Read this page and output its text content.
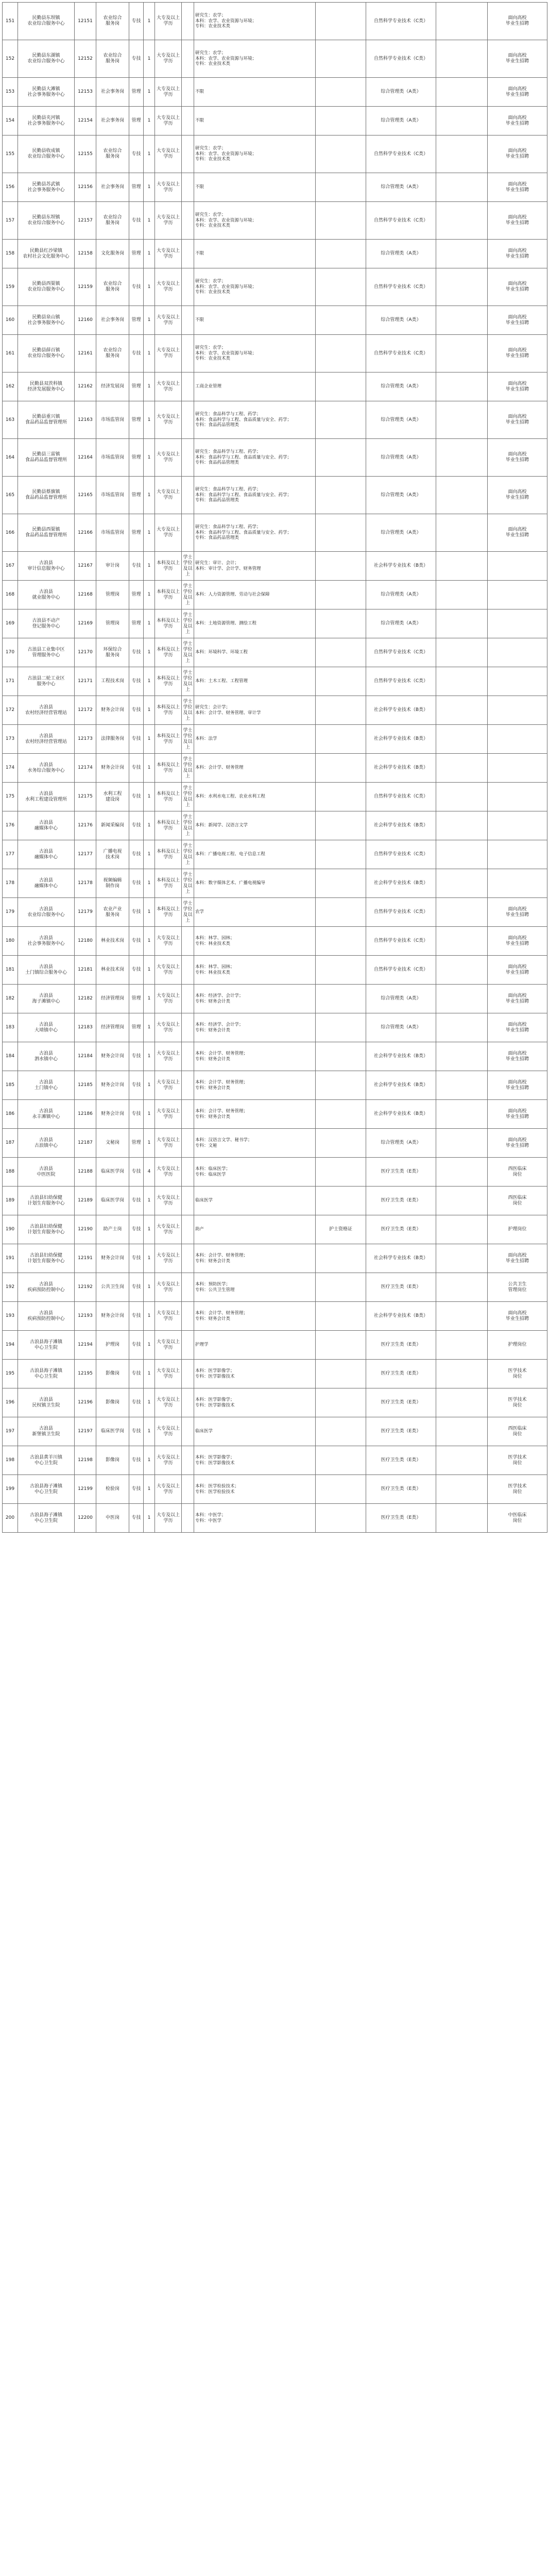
151	民勤县东坝镇
农业综合服务中心	12151	农业综合
服务岗	专技	1	大专及以上学历		研究生：农学；
本科：农学、农业资源与环境；
专科：农业技术类		自然科学专业技术（C类）		面向高校
毕业生招聘
152	民勤县东湖镇
农业综合服务中心	12152	农业综合
服务岗	专技	1	大专及以上学历		研究生：农学；
本科：农学、农业资源与环境；
专科：农业技术类		自然科学专业技术（C类）		面向高校
毕业生招聘
153	民勤县大滩镇
社会事务服务中心	12153	社会事务岗	管理	1	大专及以上学历		不限		综合管理类（A类）		面向高校
毕业生招聘
154	民勤县夹河镇
社会事务服务中心	12154	社会事务岗	管理	1	大专及以上学历		不限		综合管理类（A类）		面向高校
毕业生招聘
155	民勤县收成镇
农业综合服务中心	12155	农业综合
服务岗	专技	1	大专及以上学历		研究生：农学；
本科：农学、农业资源与环境；
专科：农业技术类		自然科学专业技术（C类）		面向高校
毕业生招聘
156	民勤县苏武镇
社会事务服务中心	12156	社会事务岗	管理	1	大专及以上学历		不限		综合管理类（A类）		面向高校
毕业生招聘
157	民勤县东坝镇
农业综合服务中心	12157	农业综合
服务岗	专技	1	大专及以上学历		研究生：农学；
本科：农学、农业资源与环境；
专科：农业技术类		自然科学专业技术（C类）		面向高校
毕业生招聘
158	民勤县红沙梁镇
农村社会文化服务中心	12158	文化服务岗	管理	1	大专及以上学历		不限		综合管理类（A类）		面向高校
毕业生招聘
159	民勤县西渠镇
农业综合服务中心	12159	农业综合
服务岗	专技	1	大专及以上学历		研究生：农学；
本科：农学、农业资源与环境；
专科：农业技术类		自然科学专业技术（C类）		面向高校
毕业生招聘
160	民勤县泉山镇
社会事务服务中心	12160	社会事务岗	管理	1	大专及以上学历		不限		综合管理类（A类）		面向高校
毕业生招聘
161	民勤县薛百镇
农业综合服务中心	12161	农业综合
服务岗	专技	1	大专及以上学历		研究生：农学；
本科：农学、农业资源与环境；
专科：农业技术类		自然科学专业技术（C类）		面向高校
毕业生招聘
162	民勤县双茨科镇
经济发展服务中心	12162	经济发展岗	管理	1	大专及以上学历		工商企业管理		综合管理类（A类）		面向高校
毕业生招聘
163	民勤县重兴镇
食品药品监督管理所	12163	市场监管岗	管理	1	大专及以上学历		研究生：食品科学与工程、药学；
本科：食品科学与工程、食品质量与安全、药学；
专科：食品药品管理类		综合管理类（A类）		面向高校
毕业生招聘
164	民勤县三雷镇
食品药品监督管理所	12164	市场监管岗	管理	1	大专及以上学历		研究生：食品科学与工程、药学；
本科：食品科学与工程、食品质量与安全、药学；
专科：食品药品管理类		综合管理类（A类）		面向高校
毕业生招聘
165	民勤县蔡旗镇
食品药品监督管理所	12165	市场监管岗	管理	1	大专及以上学历		研究生：食品科学与工程、药学；
本科：食品科学与工程、食品质量与安全、药学；
专科：食品药品管理类		综合管理类（A类）		面向高校
毕业生招聘
166	民勤县西渠镇
食品药品监督管理所	12166	市场监管岗	管理	1	大专及以上学历		研究生：食品科学与工程、药学；
本科：食品科学与工程、食品质量与安全、药学；
专科：食品药品管理类		综合管理类（A类）		面向高校
毕业生招聘
167	古浪县
审计信息服务中心	12167	审计岗	专技	1	本科及以上学历	学士学位及以上	研究生：审计、会计；
本科：审计学、会计学、财务管理		社会科学专业技术（B类）		
168	古浪县
就业服务中心	12168	管理岗	管理	1	本科及以上学历	学士学位及以上	本科：人力资源管理、劳动与社会保障		综合管理类（A类）		
169	古浪县不动产
登记服务中心	12169	管理岗	管理	1	本科及以上学历	学士学位及以上	本科：土地资源管理、测绘工程		综合管理类（A类）		
170	古浪县工业集中区
管理服务中心	12170	环保综合
服务岗	专技	1	本科及以上学历	学士学位及以上	本科：环境科学、环境工程		自然科学专业技术（C类）		
171	古浪县二轮工业区
服务中心	12171	工程技术岗	专技	1	本科及以上学历	学士学位及以上	本科：土木工程、工程管理		自然科学专业技术（C类）		
172	古浪县
农村经济经营管理站	12172	财务会计岗	专技	1	本科及以上学历	学士学位及以上	研究生：会计学；
本科：会计学、财务管理、审计学		社会科学专业技术（B类）		
173	古浪县
农村经济经营管理站	12173	法律服务岗	专技	1	本科及以上学历	学士学位及以上	本科：法学		社会科学专业技术（B类）		
174	古浪县
水务综合服务中心	12174	财务会计岗	专技	1	本科及以上学历	学士学位及以上	本科：会计学、财务管理		社会科学专业技术（B类）		
175	古浪县
水利工程建设管理所	12175	水利工程
建设岗	专技	1	本科及以上学历	学士学位及以上	本科：水利水电工程、农业水利工程		自然科学专业技术（C类）		
176	古浪县
融媒体中心	12176	新闻采编岗	专技	1	本科及以上学历	学士学位及以上	本科：新闻学、汉语言文学		社会科学专业技术（B类）		
177	古浪县
融媒体中心	12177	广播电视
技术岗	专技	1	本科及以上学历	学士学位及以上	本科：广播电视工程、电子信息工程		自然科学专业技术（C类）		
178	古浪县
融媒体中心	12178	视频编辑
制作岗	专技	1	本科及以上学历	学士学位及以上	本科：数字媒体艺术、广播电视编导		社会科学专业技术（B类）		
179	古浪县
农业综合服务中心	12179	农业产业
服务岗	专技	1	本科及以上学历	学士学位及以上	农学		自然科学专业技术（C类）		面向高校
毕业生招聘
180	古浪县
社会事务服务中心	12180	林业技术岗	专技	1	大专及以上学历		本科：林学、园林；
专科：林业技术类		自然科学专业技术（C类）		面向高校
毕业生招聘
181	古浪县
土门镇综合服务中心	12181	林业技术岗	专技	1	大专及以上学历		本科：林学、园林；
专科：林业技术类		自然科学专业技术（C类）		面向高校
毕业生招聘
182	古浪县
海子滩镇中心	12182	经济管理岗	管理	1	大专及以上学历		本科：经济学、会计学；
专科：财务会计类		综合管理类（A类）		面向高校
毕业生招聘
183	古浪县
大靖镇中心	12183	经济管理岗	管理	1	大专及以上学历		本科：经济学、会计学；
专科：财务会计类		综合管理类（A类）		面向高校
毕业生招聘
184	古浪县
泗水镇中心	12184	财务会计岗	专技	1	大专及以上学历		本科：会计学、财务管理；
专科：财务会计类		社会科学专业技术（B类）		面向高校
毕业生招聘
185	古浪县
土门镇中心	12185	财务会计岗	专技	1	大专及以上学历		本科：会计学、财务管理；
专科：财务会计类		社会科学专业技术（B类）		面向高校
毕业生招聘
186	古浪县
永丰滩镇中心	12186	财务会计岗	专技	1	大专及以上学历		本科：会计学、财务管理；
专科：财务会计类		社会科学专业技术（B类）		面向高校
毕业生招聘
187	古浪县
古浪镇中心	12187	文秘岗	管理	1	大专及以上学历		本科：汉语言文学、秘书学；
专科：文秘		综合管理类（A类）		面向高校
毕业生招聘
188	古浪县
中医医院	12188	临床医学岗	专技	4	大专及以上学历		本科：临床医学；
专科：临床医学		医疗卫生类（E类）		西医临床
岗位
189	古浪县妇幼保健
计划生育服务中心	12189	临床医学岗	专技	1	大专及以上学历		临床医学		医疗卫生类（E类）		西医临床
岗位
190	古浪县妇幼保健
计划生育服务中心	12190	助产士岗	专技	1	大专及以上学历		助产	护士资格证	医疗卫生类（E类）		护理岗位
191	古浪县妇幼保健
计划生育服务中心	12191	财务会计岗	专技	1	大专及以上学历		本科：会计学、财务管理；
专科：财务会计类		社会科学专业技术（B类）		面向高校
毕业生招聘
192	古浪县
疾病预防控制中心	12192	公共卫生岗	专技	1	大专及以上学历		本科：预防医学；
专科：公共卫生管理		医疗卫生类（E类）		公共卫生
管理岗位
193	古浪县
疾病预防控制中心	12193	财务会计岗	专技	1	大专及以上学历		本科：会计学、财务管理；
专科：财务会计类		社会科学专业技术（B类）		面向高校
毕业生招聘
194	古浪县海子滩镇
中心卫生院	12194	护理岗	专技	1	大专及以上学历		护理学		医疗卫生类（E类）		护理岗位
195	古浪县海子滩镇
中心卫生院	12195	影像岗	专技	1	大专及以上学历		本科：医学影像学；
专科：医学影像技术		医疗卫生类（E类）		医学技术
岗位
196	古浪县
民权镇卫生院	12196	影像岗	专技	1	大专及以上学历		本科：医学影像学；
专科：医学影像技术		医疗卫生类（E类）		医学技术
岗位
197	古浪县
新堡镇卫生院	12197	临床医学岗	专技	1	大专及以上学历		临床医学		医疗卫生类（E类）		西医临床
岗位
198	古浪县黄羊川镇
中心卫生院	12198	影像岗	专技	1	大专及以上学历		本科：医学影像学；
专科：医学影像技术		医疗卫生类（E类）		医学技术
岗位
199	古浪县海子滩镇
中心卫生院	12199	检验岗	专技	1	大专及以上学历		本科：医学检验技术；
专科：医学检验技术		医疗卫生类（E类）		医学技术
岗位
200	古浪县海子滩镇
中心卫生院	12200	中医岗	专技	1	大专及以上学历		本科：中医学；
专科：中医学		医疗卫生类（E类）		中医临床
岗位
